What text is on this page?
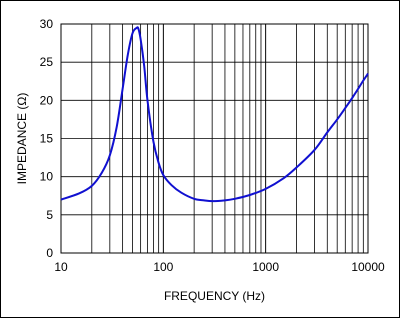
10	100	1000	10000
0
5
10
15
20
25
30
FREQUENCY (Hz)
IMPEDANCE (Ω)
